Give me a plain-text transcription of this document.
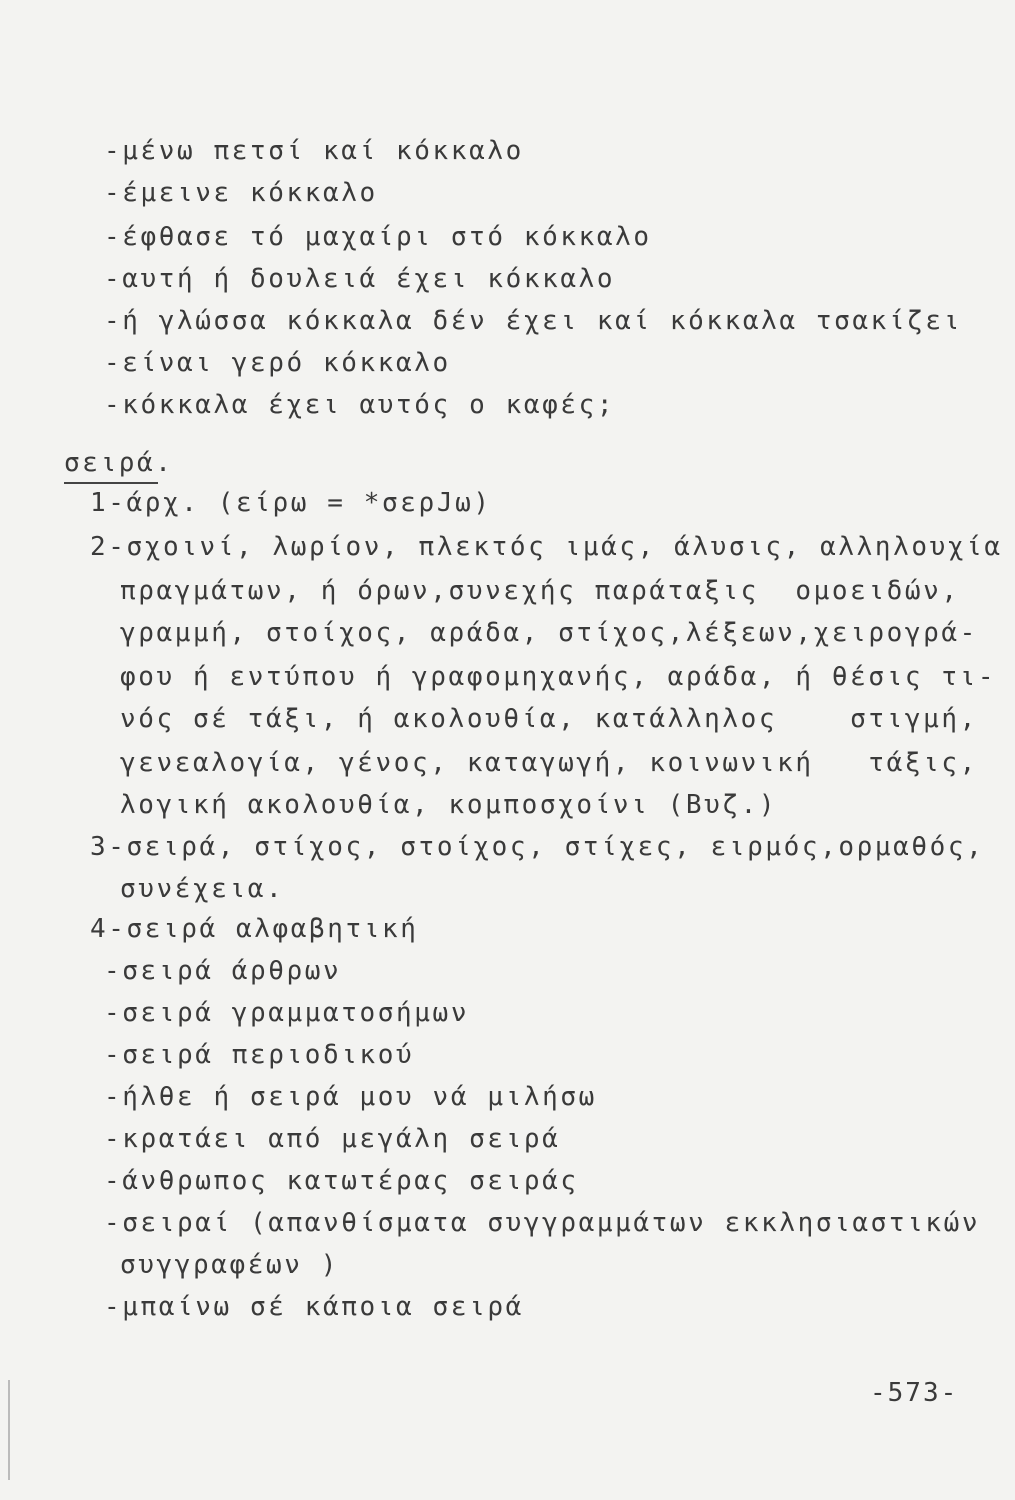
-μένω πετσί καί κόκκαλο
-έμεινε κόκκαλο
-έφθασε τό μαχαίρι στό κόκκαλο
-αυτή ή δουλειά έχει κόκκαλο
-ή γλώσσα κόκκαλα δέν έχει καί κόκκαλα τσακίζει
-είναι γερό κόκκαλο
-κόκκαλα έχει αυτός ο καφές;
σειρά.
1-άρχ. (είρω = *σερJω)
2-σχοινί, λωρίον, πλεκτός ιμάς, άλυσις, αλληλουχία
πραγμάτων, ή όρων,συνεχής παράταξις  ομοειδών,
γραμμή, στοίχος, αράδα, στίχος,λέξεων,χειρογρά-
φου ή εντύπου ή γραφομηχανής, αράδα, ή θέσις τι-
νός σέ τάξι, ή ακολουθία, κατάλληλος    στιγμή,
γενεαλογία, γένος, καταγωγή, κοινωνική   τάξις,
λογική ακολουθία, κομποσχοίνι (Βυζ.)
3-σειρά, στίχος, στοίχος, στίχες, ειρμός,ορμαθός,
συνέχεια.
4-σειρά αλφαβητική
-σειρά άρθρων
-σειρά γραμματοσήμων
-σειρά περιοδικού
-ήλθε ή σειρά μου νά μιλήσω
-κρατάει από μεγάλη σειρά
-άνθρωπος κατωτέρας σειράς
-σειραί (απανθίσματα συγγραμμάτων εκκλησιαστικών
συγγραφέων )
-μπαίνω σέ κάποια σειρά
-573-
